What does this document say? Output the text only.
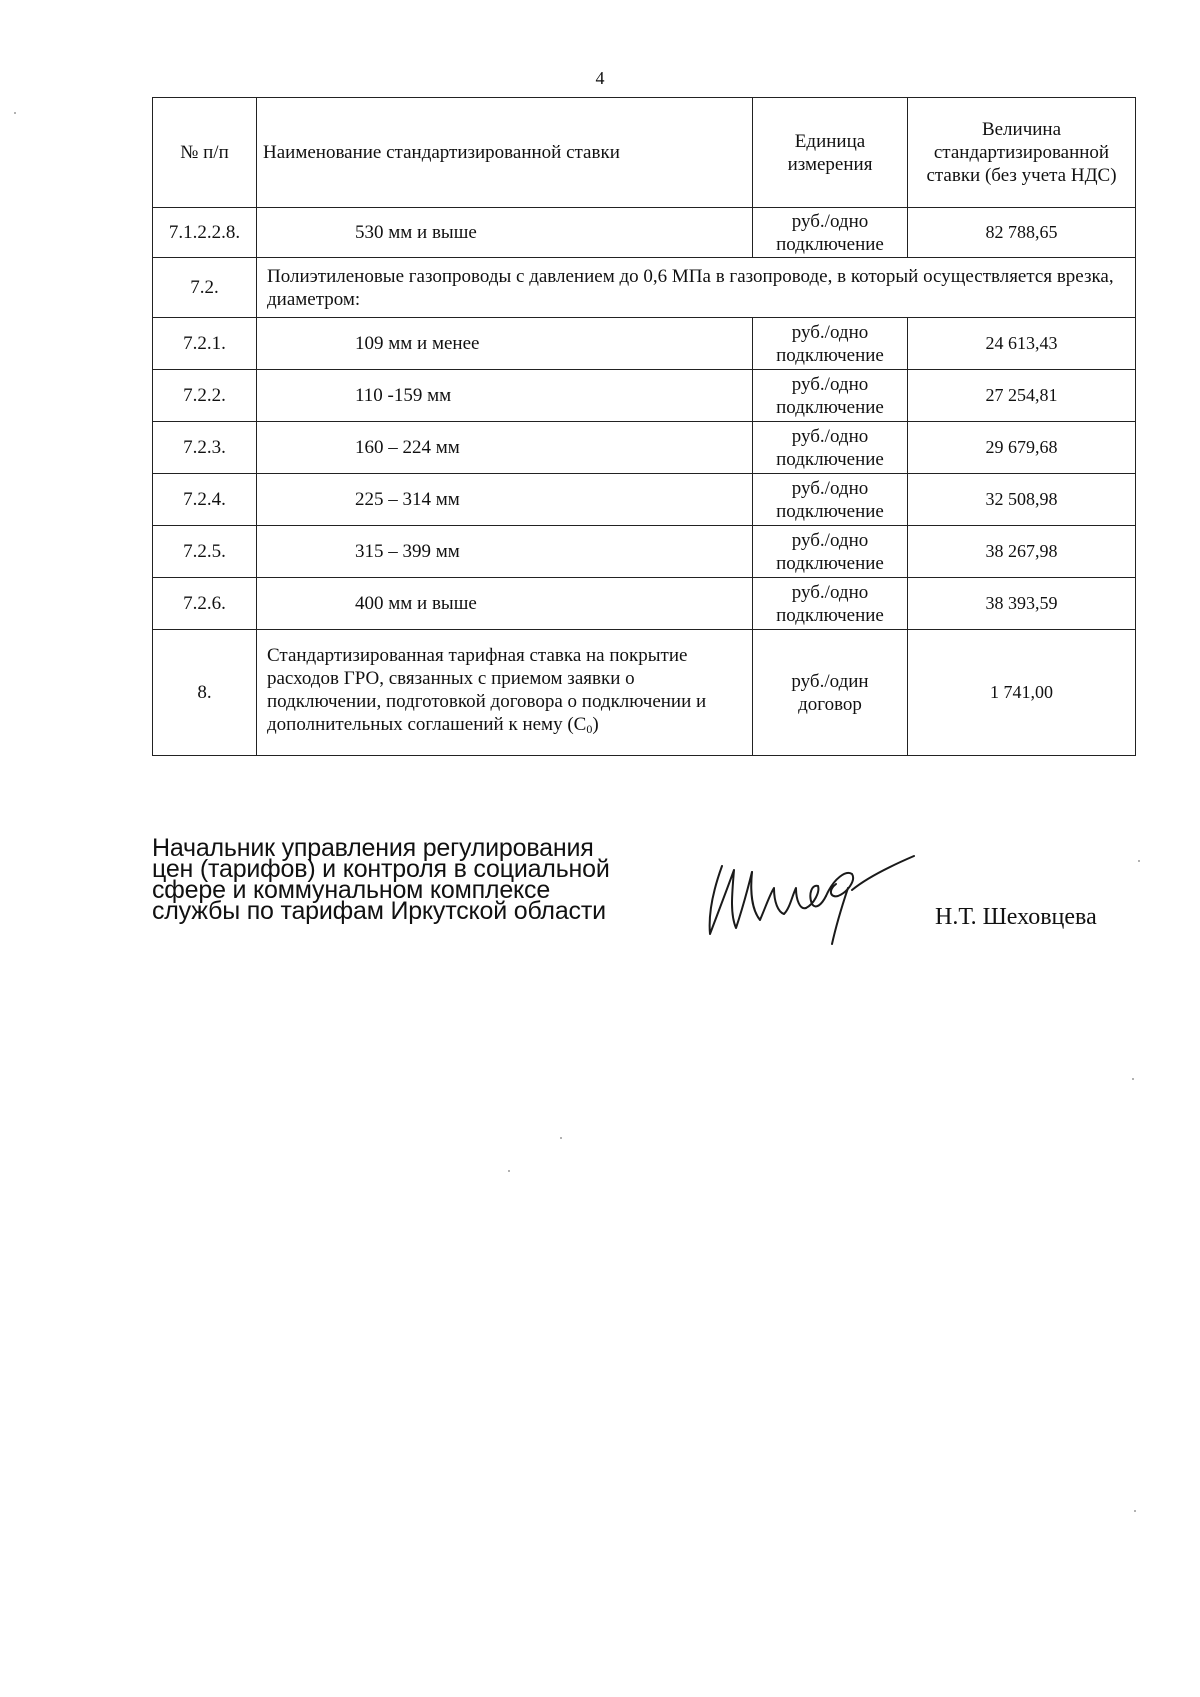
4
№ п/п	Наименование стандартизированной ставки	Единица измерения	Величина стандартизированной ставки (без учета НДС)
7.1.2.2.8.	530 мм и выше	руб./одно подключение	82 788,65
7.2.	Полиэтиленовые газопроводы с давлением до 0,6 МПа в газопроводе, в который осуществляется врезка, диаметром:		
7.2.1.	109 мм и менее	руб./одно подключение	24 613,43
7.2.2.	110 -159 мм	руб./одно подключение	27 254,81
7.2.3.	160 – 224 мм	руб./одно подключение	29 679,68
7.2.4.	225 – 314 мм	руб./одно подключение	32 508,98
7.2.5.	315 – 399 мм	руб./одно подключение	38 267,98
7.2.6.	400 мм и выше	руб./одно подключение	38 393,59
8.	Стандартизированная тарифная ставка на покрытие расходов ГРО, связанных с приемом заявки о подключении, подготовкой договора о подключении и дополнительных соглашений к нему (С0)	руб./один договор	1 741,00
Начальник управления регулирования
цен (тарифов) и контроля в социальной
сфере и коммунальном комплексе
службы по тарифам Иркутской области	Н.Т. Шеховцева
